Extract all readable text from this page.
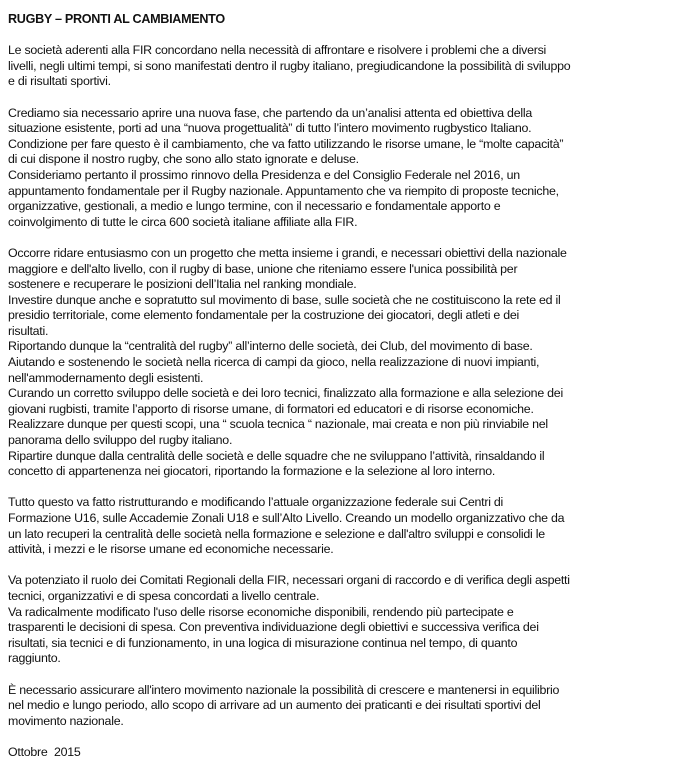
RUGBY – PRONTI AL CAMBIAMENTO
Le società aderenti alla FIR concordano nella necessità di affrontare e risolvere i problemi che a diversi
livelli, negli ultimi tempi, si sono manifestati dentro il rugby italiano, pregiudicandone la possibilità di sviluppo
e di risultati sportivi.
Crediamo sia necessario aprire una nuova fase, che partendo da un’analisi attenta ed obiettiva della
situazione esistente, porti ad una “nuova progettualità” di tutto l’intero movimento rugbystico Italiano.
Condizione per fare questo è il cambiamento, che va fatto utilizzando le risorse umane, le “molte capacità”
di cui dispone il nostro rugby, che sono allo stato ignorate e deluse.
Consideriamo pertanto il prossimo rinnovo della Presidenza e del Consiglio Federale nel 2016, un
appuntamento fondamentale per il Rugby nazionale. Appuntamento che va riempito di proposte tecniche,
organizzative, gestionali, a medio e lungo termine, con il necessario e fondamentale apporto e
coinvolgimento di tutte le circa 600 società italiane affiliate alla FIR.
Occorre ridare entusiasmo con un progetto che metta insieme i grandi, e necessari obiettivi della nazionale
maggiore e dell'alto livello, con il rugby di base, unione che riteniamo essere l'unica possibilità per
sostenere e recuperare le posizioni dell’Italia nel ranking mondiale.
Investire dunque anche e sopratutto sul movimento di base, sulle società che ne costituiscono la rete ed il
presidio territoriale, come elemento fondamentale per la costruzione dei giocatori, degli atleti e dei
risultati.
Riportando dunque la “centralità del rugby” all’interno delle società, dei Club, del movimento di base.
Aiutando e sostenendo le società nella ricerca di campi da gioco, nella realizzazione di nuovi impianti,
nell'ammodernamento degli esistenti.
Curando un corretto sviluppo delle società e dei loro tecnici, finalizzato alla formazione e alla selezione dei
giovani rugbisti, tramite l’apporto di risorse umane, di formatori ed educatori e di risorse economiche.
Realizzare dunque per questi scopi, una “ scuola tecnica “ nazionale, mai creata e non più rinviabile nel
panorama dello sviluppo del rugby italiano.
Ripartire dunque dalla centralità delle società e delle squadre che ne sviluppano l’attività, rinsaldando il
concetto di appartenenza nei giocatori, riportando la formazione e la selezione al loro interno.
Tutto questo va fatto ristrutturando e modificando l’attuale organizzazione federale sui Centri di
Formazione U16, sulle Accademie Zonali U18 e sull’Alto Livello. Creando un modello organizzativo che da
un lato recuperi la centralità delle società nella formazione e selezione e dall'altro sviluppi e consolidi le
attività, i mezzi e le risorse umane ed economiche necessarie.
Va potenziato il ruolo dei Comitati Regionali della FIR, necessari organi di raccordo e di verifica degli aspetti
tecnici, organizzativi e di spesa concordati a livello centrale.
Va radicalmente modificato l'uso delle risorse economiche disponibili, rendendo più partecipate e
trasparenti le decisioni di spesa. Con preventiva individuazione degli obiettivi e successiva verifica dei
risultati, sia tecnici e di funzionamento, in una logica di misurazione continua nel tempo, di quanto
raggiunto.
È necessario assicurare all'intero movimento nazionale la possibilità di crescere e mantenersi in equilibrio
nel medio e lungo periodo, allo scopo di arrivare ad un aumento dei praticanti e dei risultati sportivi del
movimento nazionale.
Ottobre  2015
